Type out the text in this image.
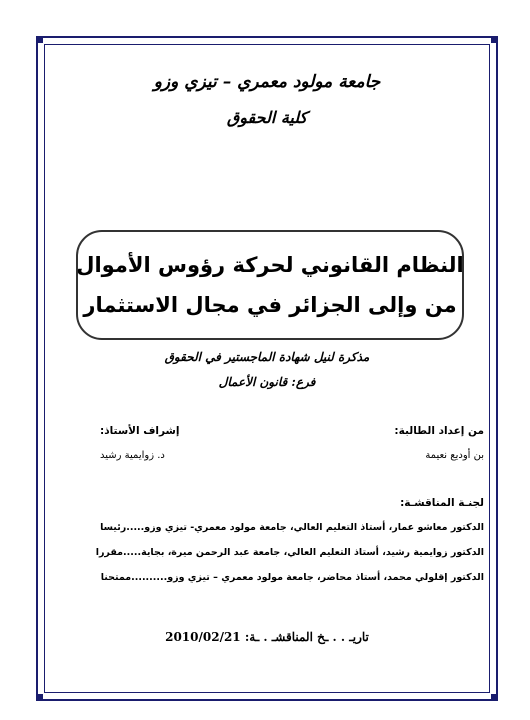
جامعة مولود معمري – تيزي وزو
كلية الحقوق
النظام القانوني لحركة رؤوس الأموال
من وإلى الجزائر في مجال الاستثمار
مذكرة لنيل شهادة الماجستير في الحقوق
فرع: قانون الأعمال
من إعداد الطالبة:
بن أوديع نعيمة
إشراف الأستاذ:
د. زوايمية رشيد
لجنـة المناقشـة:
الدكتور معاشو عمار، أستاذ التعليم العالي، جامعة مولود معمري- تيزي وزو.....رئيسا
الدكتور زوايمية رشيد، أستاذ التعليم العالي، جامعة عبد الرحمن ميرة، بجاية.....مقررا
الدكتور إقلولي محمد، أستاذ محاضر، جامعة مولود معمري – تيزي وزو..........ممتحنا
تاريـ . . ـخ المناقشـ . ـة: 2010/02/21
